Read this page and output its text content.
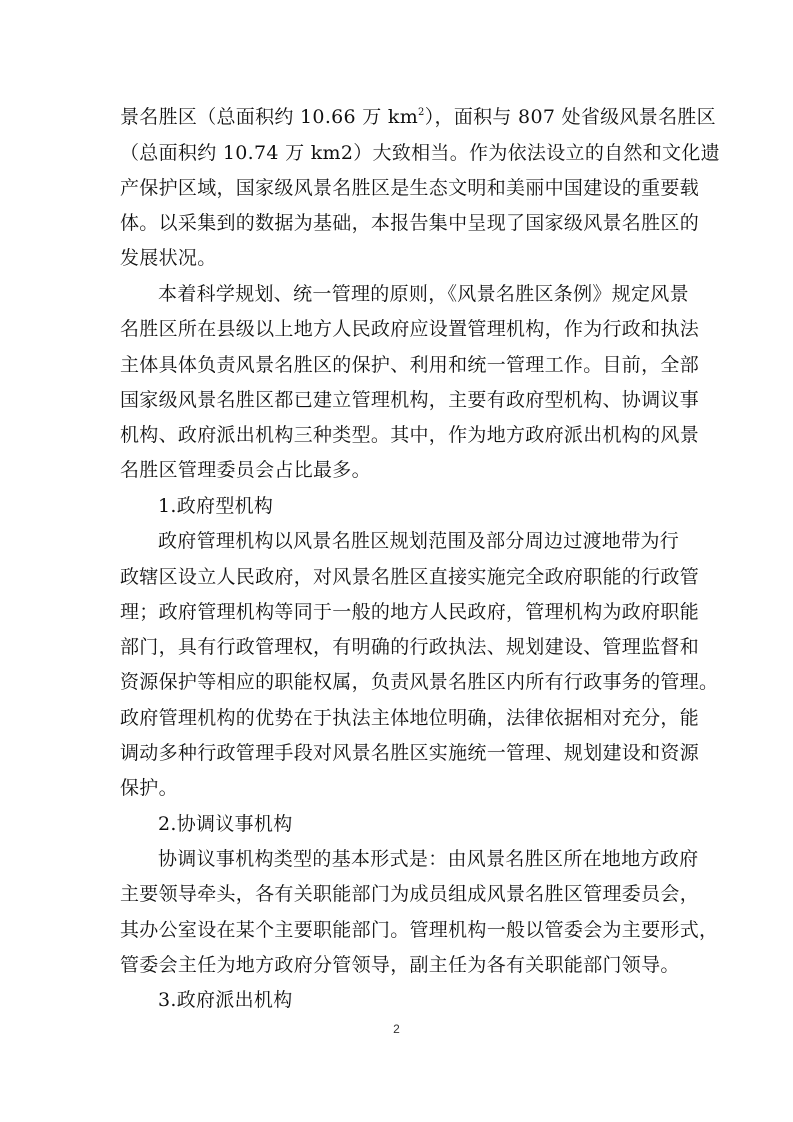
景名胜区（总面积约 10.66 万 $km^2$），面积与 807 处省级风景名胜区
（总面积约 10.74 万 km2）大致相当。作为依法设立的自然和文化遗
产保护区域，国家级风景名胜区是生态文明和美丽中国建设的重要载
体。以采集到的数据为基础，本报告集中呈现了国家级风景名胜区的
发展状况。
本着科学规划、统一管理的原则，《风景名胜区条例》规定风景
名胜区所在县级以上地方人民政府应设置管理机构，作为行政和执法
主体具体负责风景名胜区的保护、利用和统一管理工作。目前，全部
国家级风景名胜区都已建立管理机构，主要有政府型机构、协调议事
机构、政府派出机构三种类型。其中，作为地方政府派出机构的风景
名胜区管理委员会占比最多。
1.政府型机构
政府管理机构以风景名胜区规划范围及部分周边过渡地带为行
政辖区设立人民政府，对风景名胜区直接实施完全政府职能的行政管
理；政府管理机构等同于一般的地方人民政府，管理机构为政府职能
部门，具有行政管理权，有明确的行政执法、规划建设、管理监督和
资源保护等相应的职能权属，负责风景名胜区内所有行政事务的管理。
政府管理机构的优势在于执法主体地位明确，法律依据相对充分，能
调动多种行政管理手段对风景名胜区实施统一管理、规划建设和资源
保护。
2.协调议事机构
协调议事机构类型的基本形式是：由风景名胜区所在地地方政府
主要领导牵头，各有关职能部门为成员组成风景名胜区管理委员会，
其办公室设在某个主要职能部门。管理机构一般以管委会为主要形式，
管委会主任为地方政府分管领导，副主任为各有关职能部门领导。
3.政府派出机构
2
